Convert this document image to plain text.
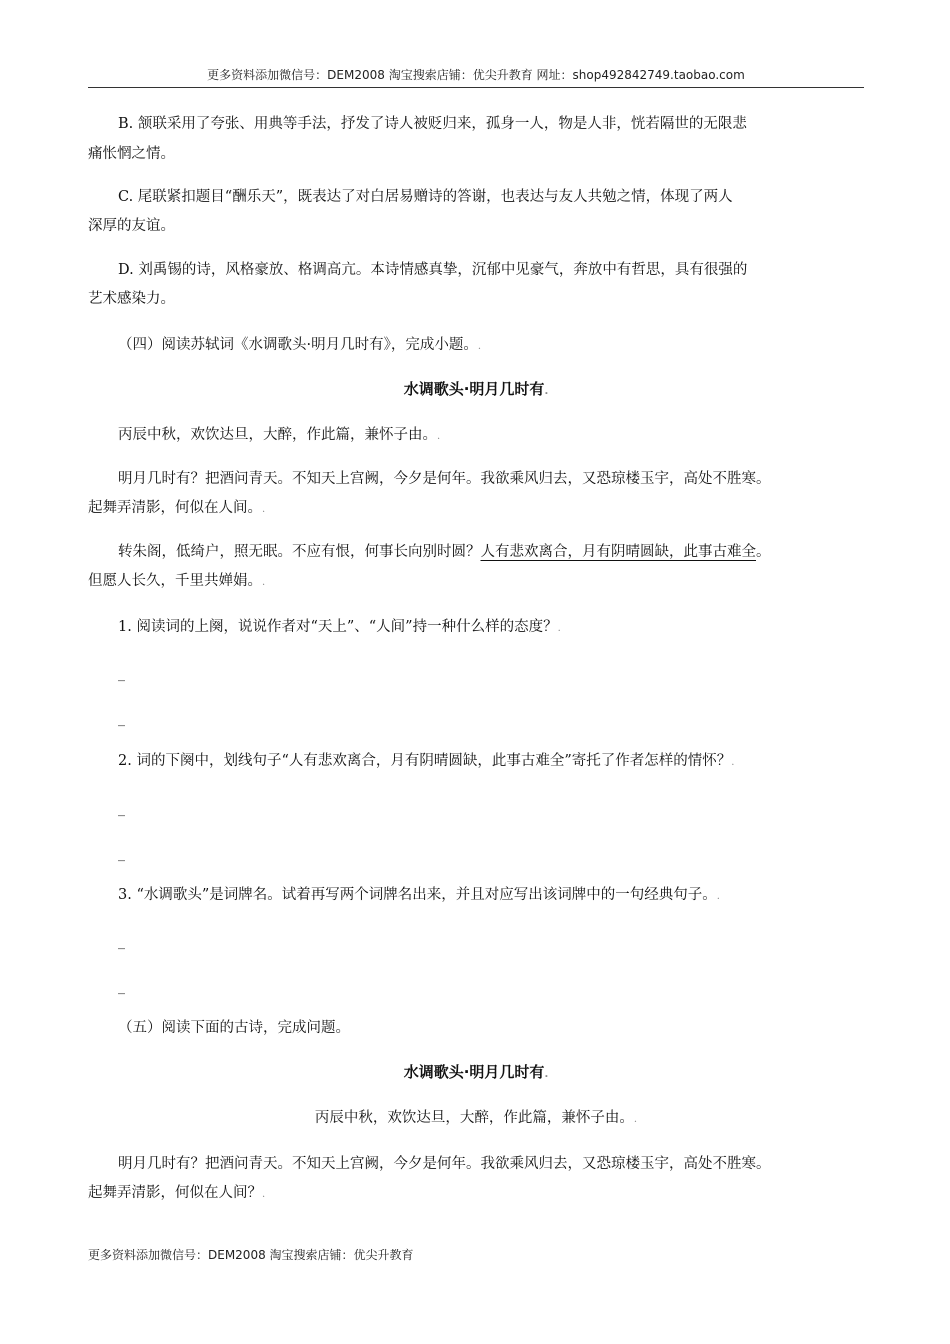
更多资料添加微信号：DEM2008 淘宝搜索店铺：优尖升教育 网址：shop492842749.taobao.com

B. 颔联采用了夸张、用典等手法，抒发了诗人被贬归来，孤身一人，物是人非，恍若隔世的无限悲

痛怅惘之情。

C. 尾联紧扣题目“酬乐天”，既表达了对白居易赠诗的答谢，也表达与友人共勉之情，体现了两人

深厚的友谊。

D. 刘禹锡的诗，风格豪放、格调高亢。本诗情感真挚，沉郁中见豪气，奔放中有哲思，具有很强的

艺术感染力。

（四）阅读苏轼词《水调歌头·明月几时有》，完成小题。.

水调歌头·明月几时有.

丙辰中秋，欢饮达旦，大醉，作此篇，兼怀子由。.

明月几时有？把酒问青天。不知天上宫阙，今夕是何年。我欲乘风归去，又恐琼楼玉宇，高处不胜寒。

起舞弄清影，何似在人间。.

转朱阁，低绮户，照无眠。不应有恨，何事长向别时圆？人有悲欢离合，月有阴晴圆缺，此事古难全。

但愿人长久，千里共婵娟。.

1. 阅读词的上阕，说说作者对“天上”、“人间”持一种什么样的态度？.

_
_

2. 词的下阕中，划线句子“人有悲欢离合，月有阴晴圆缺，此事古难全”寄托了作者怎样的情怀？.

_
_

3. “水调歌头”是词牌名。试着再写两个词牌名出来，并且对应写出该词牌中的一句经典句子。.

_
_

（五）阅读下面的古诗，完成问题。

水调歌头·明月几时有.

丙辰中秋，欢饮达旦，大醉，作此篇，兼怀子由。.

明月几时有？把酒问青天。不知天上宫阙，今夕是何年。我欲乘风归去，又恐琼楼玉宇，高处不胜寒。

起舞弄清影，何似在人间？.

更多资料添加微信号：DEM2008 淘宝搜索店铺：优尖升教育
